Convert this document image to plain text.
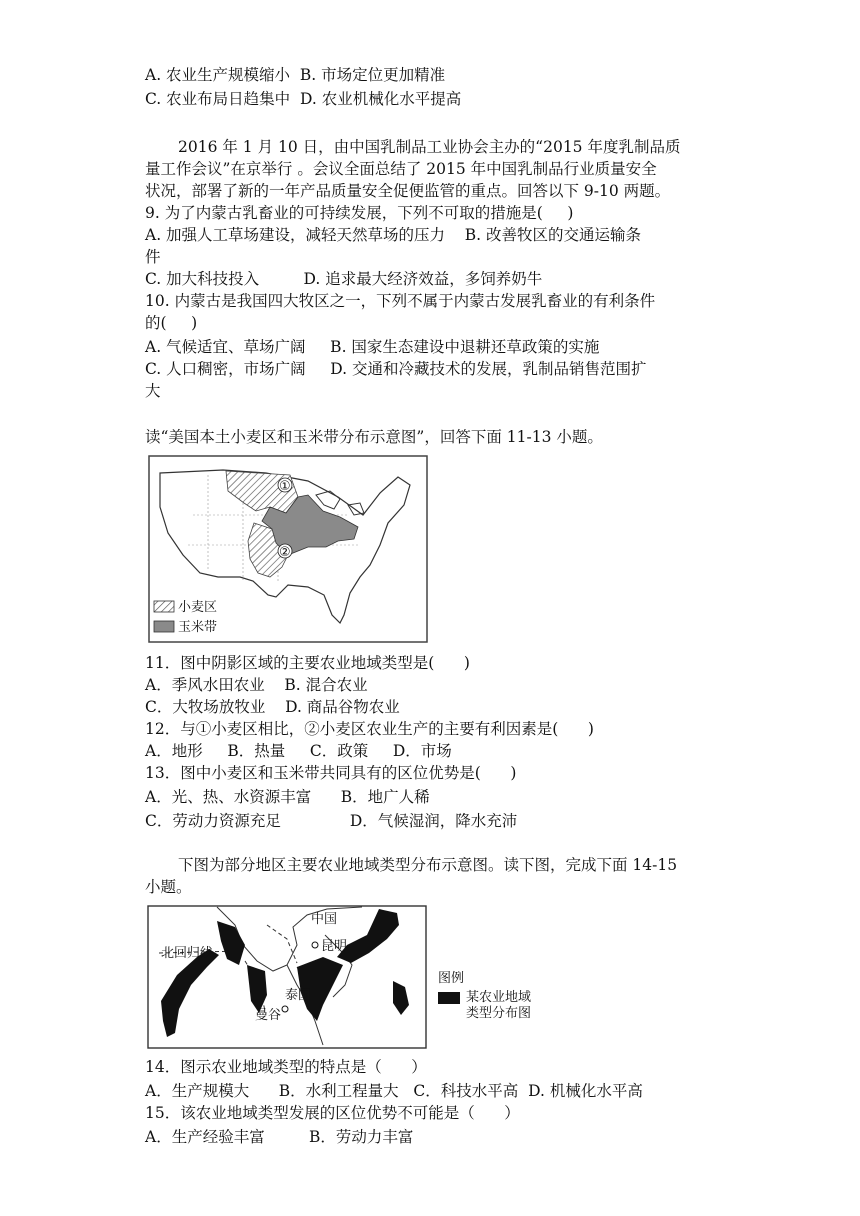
A. 农业生产规模缩小  B. 市场定位更加精准
C. 农业布局日趋集中  D. 农业机械化水平提高
2016 年 1 月 10 日，由中国乳制品工业协会主办的“2015 年度乳制品质
量工作会议”在京举行 。会议全面总结了 2015 年中国乳制品行业质量安全
状况，部署了新的一年产品质量安全促便监管的重点。回答以下 9-10 两题。
9. 为了内蒙古乳畜业的可持续发展，下列不可取的措施是(     )
A. 加强人工草场建设，减轻天然草场的压力    B. 改善牧区的交通运输条
件
C. 加大科技投入         D. 追求最大经济效益，多饲养奶牛
10. 内蒙古是我国四大牧区之一，下列不属于内蒙古发展乳畜业的有利条件
的(     )
A. 气候适宜、草场广阔     B. 国家生态建设中退耕还草政策的实施
C. 人口稠密，市场广阔     D. 交通和冷藏技术的发展，乳制品销售范围扩
大
读“美国本土小麦区和玉米带分布示意图”，回答下面 11-13 小题。
①
②
小麦区
玉米带
11．图中阴影区域的主要农业地域类型是(      )
A．季风水田农业    B. 混合农业
C．大牧场放牧业    D. 商品谷物农业
12．与①小麦区相比，②小麦区农业生产的主要有利因素是(      )
A．地形     B．热量     C．政策     D．市场
13．图中小麦区和玉米带共同具有的区位优势是(      )
A．光、热、水资源丰富      B．地广人稀
C．劳动力资源充足              D．气候湿润，降水充沛
下图为部分地区主要农业地域类型分布示意图。读下图，完成下面 14-15
小题。
中国
昆明
北回归线
泰国
曼谷
图例
某农业地域
类型分布图
14．图示农业地域类型的特点是（      ）
A．生产规模大      B．水利工程量大   C．科技水平高  D. 机械化水平高
15．该农业地域类型发展的区位优势不可能是（      ）
A．生产经验丰富         B．劳动力丰富
